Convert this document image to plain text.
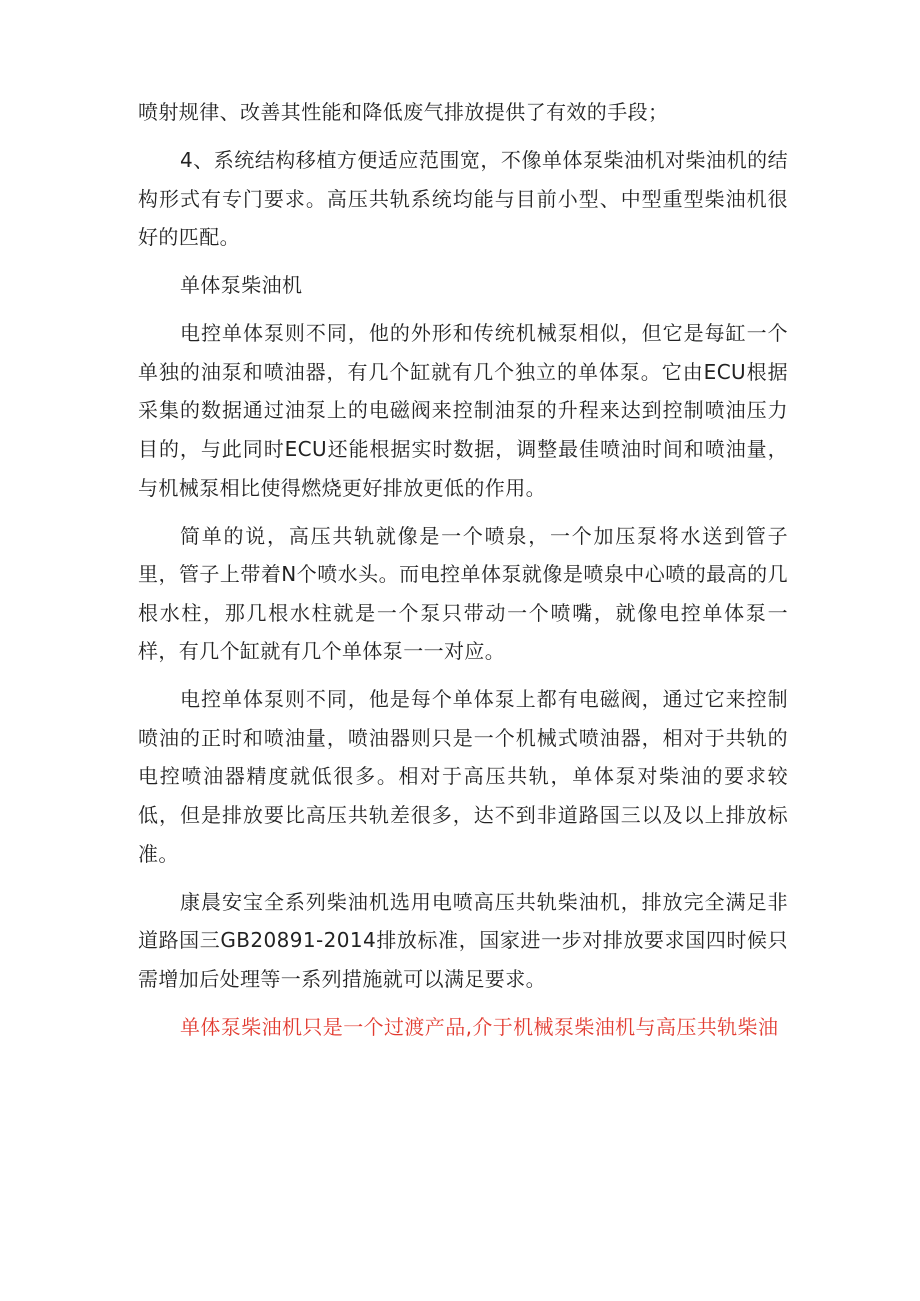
喷射规律、改善其性能和降低废气排放提供了有效的手段；

4、系统结构移植方便适应范围宽，不像单体泵柴油机对柴油机的结构形式有专门要求。高压共轨系统均能与目前小型、中型重型柴油机很好的匹配。

单体泵柴油机

电控单体泵则不同，他的外形和传统机械泵相似，但它是每缸一个单独的油泵和喷油器，有几个缸就有几个独立的单体泵。它由ECU根据采集的数据通过油泵上的电磁阀来控制油泵的升程来达到控制喷油压力目的，与此同时ECU还能根据实时数据，调整最佳喷油时间和喷油量，与机械泵相比使得燃烧更好排放更低的作用。

简单的说，高压共轨就像是一个喷泉，一个加压泵将水送到管子里，管子上带着N个喷水头。而电控单体泵就像是喷泉中心喷的最高的几根水柱，那几根水柱就是一个泵只带动一个喷嘴，就像电控单体泵一样，有几个缸就有几个单体泵一一对应。

电控单体泵则不同，他是每个单体泵上都有电磁阀，通过它来控制喷油的正时和喷油量，喷油器则只是一个机械式喷油器，相对于共轨的电控喷油器精度就低很多。相对于高压共轨，单体泵对柴油的要求较低，但是排放要比高压共轨差很多，达不到非道路国三以及以上排放标准。

康晨安宝全系列柴油机选用电喷高压共轨柴油机，排放完全满足非道路国三GB20891-2014排放标准，国家进一步对排放要求国四时候只需增加后处理等一系列措施就可以满足要求。

单体泵柴油机只是一个过渡产品,介于机械泵柴油机与高压共轨柴油
